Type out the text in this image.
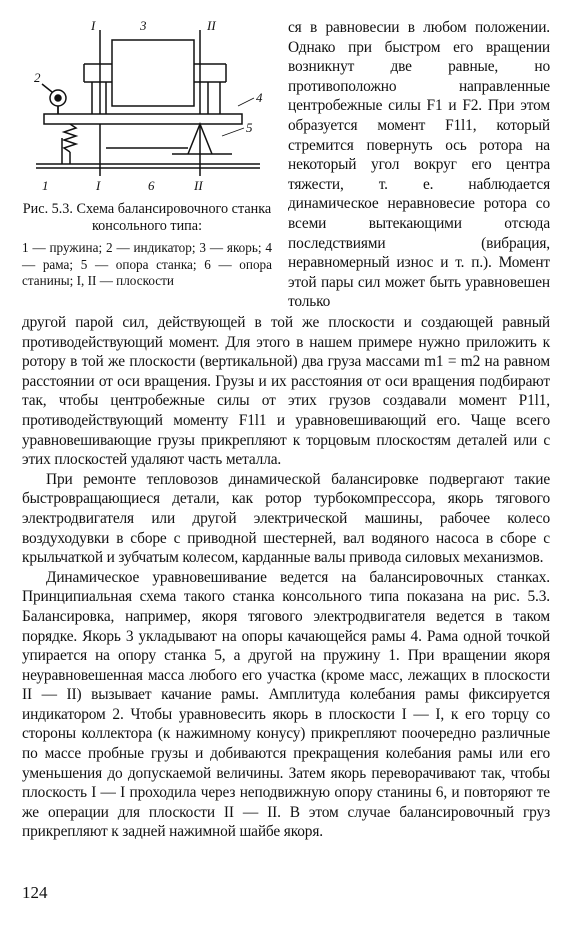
I	3	II
2
4
5
1	I	6	II
Рис. 5.3. Схема балансировочного станка консольного типа:
1 — пружина; 2 — индикатор; 3 — якорь; 4 — рама; 5 — опора станка; 6 — опора станины; I, II — плоскости

ся в равновесии в любом положении. Однако при быстром его вращении возникнут две равные, но противоположно направленные центробежные силы F1 и F2. При этом образуется момент F1l1, который стремится повернуть ось ротора на некоторый угол вокруг его центра тяжести, т. е. наблюдается динамическое неравновесие ротора со всеми вытекающими отсюда последствиями (вибрация, неравномерный износ и т. п.). Момент этой пары сил может быть уравновешен только

другой парой сил, действующей в той же плоскости и создающей равный противодействующий момент. Для этого в нашем примере нужно приложить к ротору в той же плоскости (вертикальной) два груза массами m1 = m2 на равном расстоянии от оси вращения. Грузы и их расстояния от оси вращения подбирают так, чтобы центробежные силы от этих грузов создавали момент P1l1, противодействующий моменту F1l1 и уравновешивающий его. Чаще всего уравновешивающие грузы прикрепляют к торцовым плоскостям деталей или с этих плоскостей удаляют часть металла.

При ремонте тепловозов динамической балансировке подвергают такие быстровращающиеся детали, как ротор турбокомпрессора, якорь тягового электродвигателя или другой электрической машины, рабочее колесо воздуходувки в сборе с приводной шестерней, вал водяного насоса в сборе с крыльчаткой и зубчатым колесом, карданные валы привода силовых механизмов.

Динамическое уравновешивание ведется на балансировочных станках. Принципиальная схема такого станка консольного типа показана на рис. 5.3. Балансировка, например, якоря тягового электродвигателя ведется в таком порядке. Якорь 3 укладывают на опоры качающейся рамы 4. Рама одной точкой упирается на опору станка 5, а другой на пружину 1. При вращении якоря неуравновешенная масса любого его участка (кроме масс, лежащих в плоскости II — II) вызывает качание рамы. Амплитуда колебания рамы фиксируется индикатором 2. Чтобы уравновесить якорь в плоскости I — I, к его торцу со стороны коллектора (к нажимному конусу) прикрепляют поочередно различные по массе пробные грузы и добиваются прекращения колебания рамы или его уменьшения до допускаемой величины. Затем якорь переворачивают так, чтобы плоскость I — I проходила через неподвижную опору станины 6, и повторяют те же операции для плоскости II — II. В этом случае балансировочный груз прикрепляют к задней нажимной шайбе якоря.

124
